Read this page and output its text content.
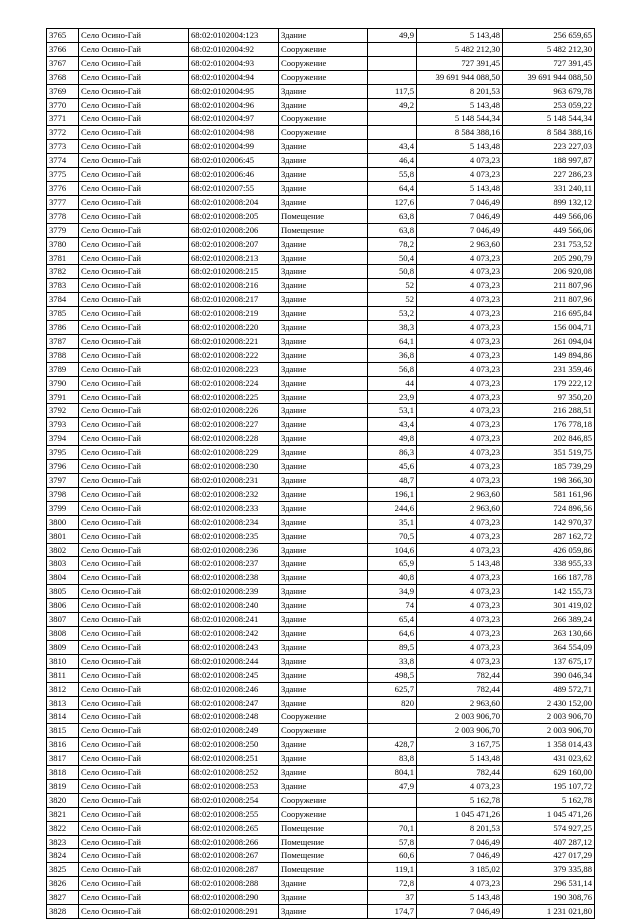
3765	Село Осино-Гай	68:02:0102004:123	Здание	49,9	5 143,48	256 659,65
3766	Село Осино-Гай	68:02:0102004:92	Сооружение		5 482 212,30	5 482 212,30
3767	Село Осино-Гай	68:02:0102004:93	Сооружение		727 391,45	727 391,45
3768	Село Осино-Гай	68:02:0102004:94	Сооружение		39 691 944 088,50	39 691 944 088,50
3769	Село Осино-Гай	68:02:0102004:95	Здание	117,5	8 201,53	963 679,78
3770	Село Осино-Гай	68:02:0102004:96	Здание	49,2	5 143,48	253 059,22
3771	Село Осино-Гай	68:02:0102004:97	Сооружение		5 148 544,34	5 148 544,34
3772	Село Осино-Гай	68:02:0102004:98	Сооружение		8 584 388,16	8 584 388,16
3773	Село Осино-Гай	68:02:0102004:99	Здание	43,4	5 143,48	223 227,03
3774	Село Осино-Гай	68:02:0102006:45	Здание	46,4	4 073,23	188 997,87
3775	Село Осино-Гай	68:02:0102006:46	Здание	55,8	4 073,23	227 286,23
3776	Село Осино-Гай	68:02:0102007:55	Здание	64,4	5 143,48	331 240,11
3777	Село Осино-Гай	68:02:0102008:204	Здание	127,6	7 046,49	899 132,12
3778	Село Осино-Гай	68:02:0102008:205	Помещение	63,8	7 046,49	449 566,06
3779	Село Осино-Гай	68:02:0102008:206	Помещение	63,8	7 046,49	449 566,06
3780	Село Осино-Гай	68:02:0102008:207	Здание	78,2	2 963,60	231 753,52
3781	Село Осино-Гай	68:02:0102008:213	Здание	50,4	4 073,23	205 290,79
3782	Село Осино-Гай	68:02:0102008:215	Здание	50,8	4 073,23	206 920,08
3783	Село Осино-Гай	68:02:0102008:216	Здание	52	4 073,23	211 807,96
3784	Село Осино-Гай	68:02:0102008:217	Здание	52	4 073,23	211 807,96
3785	Село Осино-Гай	68:02:0102008:219	Здание	53,2	4 073,23	216 695,84
3786	Село Осино-Гай	68:02:0102008:220	Здание	38,3	4 073,23	156 004,71
3787	Село Осино-Гай	68:02:0102008:221	Здание	64,1	4 073,23	261 094,04
3788	Село Осино-Гай	68:02:0102008:222	Здание	36,8	4 073,23	149 894,86
3789	Село Осино-Гай	68:02:0102008:223	Здание	56,8	4 073,23	231 359,46
3790	Село Осино-Гай	68:02:0102008:224	Здание	44	4 073,23	179 222,12
3791	Село Осино-Гай	68:02:0102008:225	Здание	23,9	4 073,23	97 350,20
3792	Село Осино-Гай	68:02:0102008:226	Здание	53,1	4 073,23	216 288,51
3793	Село Осино-Гай	68:02:0102008:227	Здание	43,4	4 073,23	176 778,18
3794	Село Осино-Гай	68:02:0102008:228	Здание	49,8	4 073,23	202 846,85
3795	Село Осино-Гай	68:02:0102008:229	Здание	86,3	4 073,23	351 519,75
3796	Село Осино-Гай	68:02:0102008:230	Здание	45,6	4 073,23	185 739,29
3797	Село Осино-Гай	68:02:0102008:231	Здание	48,7	4 073,23	198 366,30
3798	Село Осино-Гай	68:02:0102008:232	Здание	196,1	2 963,60	581 161,96
3799	Село Осино-Гай	68:02:0102008:233	Здание	244,6	2 963,60	724 896,56
3800	Село Осино-Гай	68:02:0102008:234	Здание	35,1	4 073,23	142 970,37
3801	Село Осино-Гай	68:02:0102008:235	Здание	70,5	4 073,23	287 162,72
3802	Село Осино-Гай	68:02:0102008:236	Здание	104,6	4 073,23	426 059,86
3803	Село Осино-Гай	68:02:0102008:237	Здание	65,9	5 143,48	338 955,33
3804	Село Осино-Гай	68:02:0102008:238	Здание	40,8	4 073,23	166 187,78
3805	Село Осино-Гай	68:02:0102008:239	Здание	34,9	4 073,23	142 155,73
3806	Село Осино-Гай	68:02:0102008:240	Здание	74	4 073,23	301 419,02
3807	Село Осино-Гай	68:02:0102008:241	Здание	65,4	4 073,23	266 389,24
3808	Село Осино-Гай	68:02:0102008:242	Здание	64,6	4 073,23	263 130,66
3809	Село Осино-Гай	68:02:0102008:243	Здание	89,5	4 073,23	364 554,09
3810	Село Осино-Гай	68:02:0102008:244	Здание	33,8	4 073,23	137 675,17
3811	Село Осино-Гай	68:02:0102008:245	Здание	498,5	782,44	390 046,34
3812	Село Осино-Гай	68:02:0102008:246	Здание	625,7	782,44	489 572,71
3813	Село Осино-Гай	68:02:0102008:247	Здание	820	2 963,60	2 430 152,00
3814	Село Осино-Гай	68:02:0102008:248	Сооружение		2 003 906,70	2 003 906,70
3815	Село Осино-Гай	68:02:0102008:249	Сооружение		2 003 906,70	2 003 906,70
3816	Село Осино-Гай	68:02:0102008:250	Здание	428,7	3 167,75	1 358 014,43
3817	Село Осино-Гай	68:02:0102008:251	Здание	83,8	5 143,48	431 023,62
3818	Село Осино-Гай	68:02:0102008:252	Здание	804,1	782,44	629 160,00
3819	Село Осино-Гай	68:02:0102008:253	Здание	47,9	4 073,23	195 107,72
3820	Село Осино-Гай	68:02:0102008:254	Сооружение		5 162,78	5 162,78
3821	Село Осино-Гай	68:02:0102008:255	Сооружение		1 045 471,26	1 045 471,26
3822	Село Осино-Гай	68:02:0102008:265	Помещение	70,1	8 201,53	574 927,25
3823	Село Осино-Гай	68:02:0102008:266	Помещение	57,8	7 046,49	407 287,12
3824	Село Осино-Гай	68:02:0102008:267	Помещение	60,6	7 046,49	427 017,29
3825	Село Осино-Гай	68:02:0102008:287	Помещение	119,1	3 185,02	379 335,88
3826	Село Осино-Гай	68:02:0102008:288	Здание	72,8	4 073,23	296 531,14
3827	Село Осино-Гай	68:02:0102008:290	Здание	37	5 143,48	190 308,76
3828	Село Осино-Гай	68:02:0102008:291	Здание	174,7	7 046,49	1 231 021,80
